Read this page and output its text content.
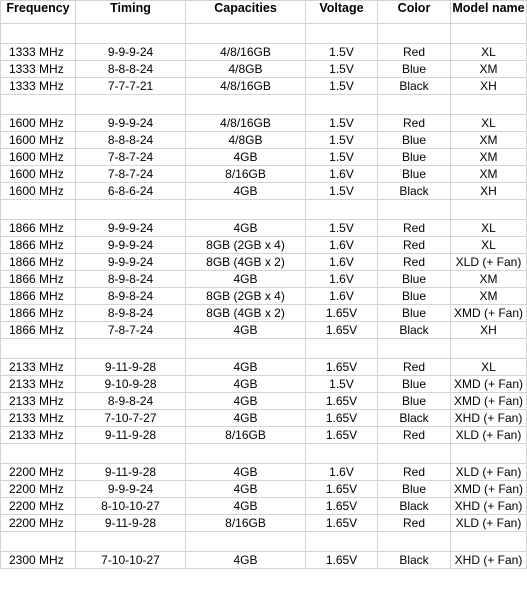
Frequency	Timing	Capacities	Voltage	Color	Model name

1333 MHz	9-9-9-24	4/8/16GB	1.5V	Red	XL
1333 MHz	8-8-8-24	4/8GB	1.5V	Blue	XM
1333 MHz	7-7-7-21	4/8/16GB	1.5V	Black	XH

1600 MHz	9-9-9-24	4/8/16GB	1.5V	Red	XL
1600 MHz	8-8-8-24	4/8GB	1.5V	Blue	XM
1600 MHz	7-8-7-24	4GB	1.5V	Blue	XM
1600 MHz	7-8-7-24	8/16GB	1.6V	Blue	XM
1600 MHz	6-8-6-24	4GB	1.5V	Black	XH

1866 MHz	9-9-9-24	4GB	1.5V	Red	XL
1866 MHz	9-9-9-24	8GB (2GB x 4)	1.6V	Red	XL
1866 MHz	9-9-9-24	8GB (4GB x 2)	1.6V	Red	XLD (+ Fan)
1866 MHz	8-9-8-24	4GB	1.6V	Blue	XM
1866 MHz	8-9-8-24	8GB (2GB x 4)	1.6V	Blue	XM
1866 MHz	8-9-8-24	8GB (4GB x 2)	1.65V	Blue	XMD (+ Fan)
1866 MHz	7-8-7-24	4GB	1.65V	Black	XH

2133 MHz	9-11-9-28	4GB	1.65V	Red	XL
2133 MHz	9-10-9-28	4GB	1.5V	Blue	XMD (+ Fan)
2133 MHz	8-9-8-24	4GB	1.65V	Blue	XMD (+ Fan)
2133 MHz	7-10-7-27	4GB	1.65V	Black	XHD (+ Fan)
2133 MHz	9-11-9-28	8/16GB	1.65V	Red	XLD (+ Fan)

2200 MHz	9-11-9-28	4GB	1.6V	Red	XLD (+ Fan)
2200 MHz	9-9-9-24	4GB	1.65V	Blue	XMD (+ Fan)
2200 MHz	8-10-10-27	4GB	1.65V	Black	XHD (+ Fan)
2200 MHz	9-11-9-28	8/16GB	1.65V	Red	XLD (+ Fan)

2300 MHz	7-10-10-27	4GB	1.65V	Black	XHD (+ Fan)
